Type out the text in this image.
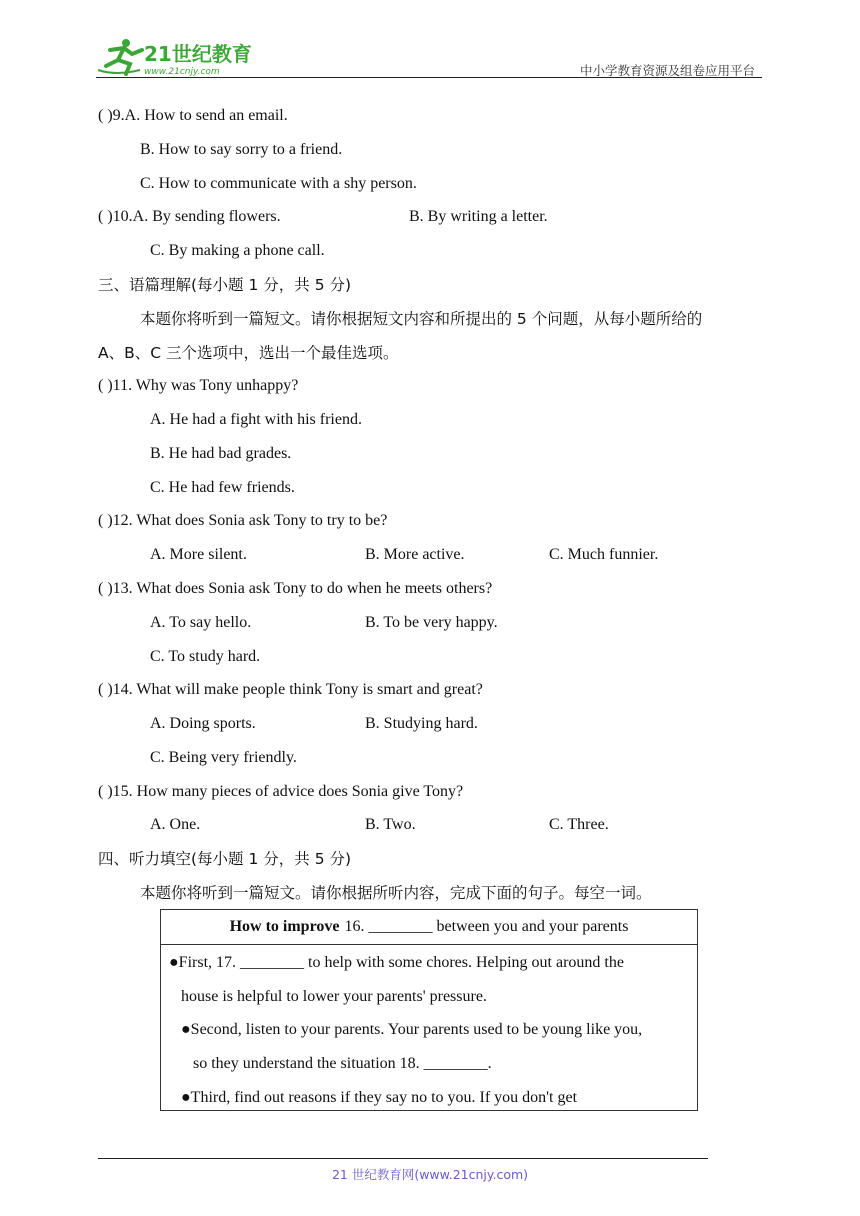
21世纪教育
www.21cnjy.com	中小学教育资源及组卷应用平台
( )9.A. How to send an email.
B. How to say sorry to a friend.
C. How to communicate with a shy person.
( )10.A. By sending flowers.	B. By writing a letter.
C. By making a phone call.
三、语篇理解(每小题 1 分，共 5 分)
本题你将听到一篇短文。请你根据短文内容和所提出的 5 个问题，从每小题所给的
A、B、C 三个选项中，选出一个最佳选项。
( )11. Why was Tony unhappy?
A. He had a fight with his friend.
B. He had bad grades.
C. He had few friends.
( )12. What does Sonia ask Tony to try to be?
A. More silent.	B. More active.	C. Much funnier.
( )13. What does Sonia ask Tony to do when he meets others?
A. To say hello.	B. To be very happy.
C. To study hard.
( )14. What will make people think Tony is smart and great?
A. Doing sports.	B. Studying hard.
C. Being very friendly.
( )15. How many pieces of advice does Sonia give Tony?
A. One.	B. Two.	C. Three.
四、听力填空(每小题 1 分，共 5 分)
本题你将听到一篇短文。请你根据所听内容，完成下面的句子。每空一词。
How to improve 16. ________ between you and your parents
●First, 17. ________ to help with some chores. Helping out around the
house is helpful to lower your parents' pressure.
●Second, listen to your parents. Your parents used to be young like you,
so they understand the situation 18. ________.
●Third, find out reasons if they say no to you. If you don't get
21 世纪教育网(www.21cnjy.com)
